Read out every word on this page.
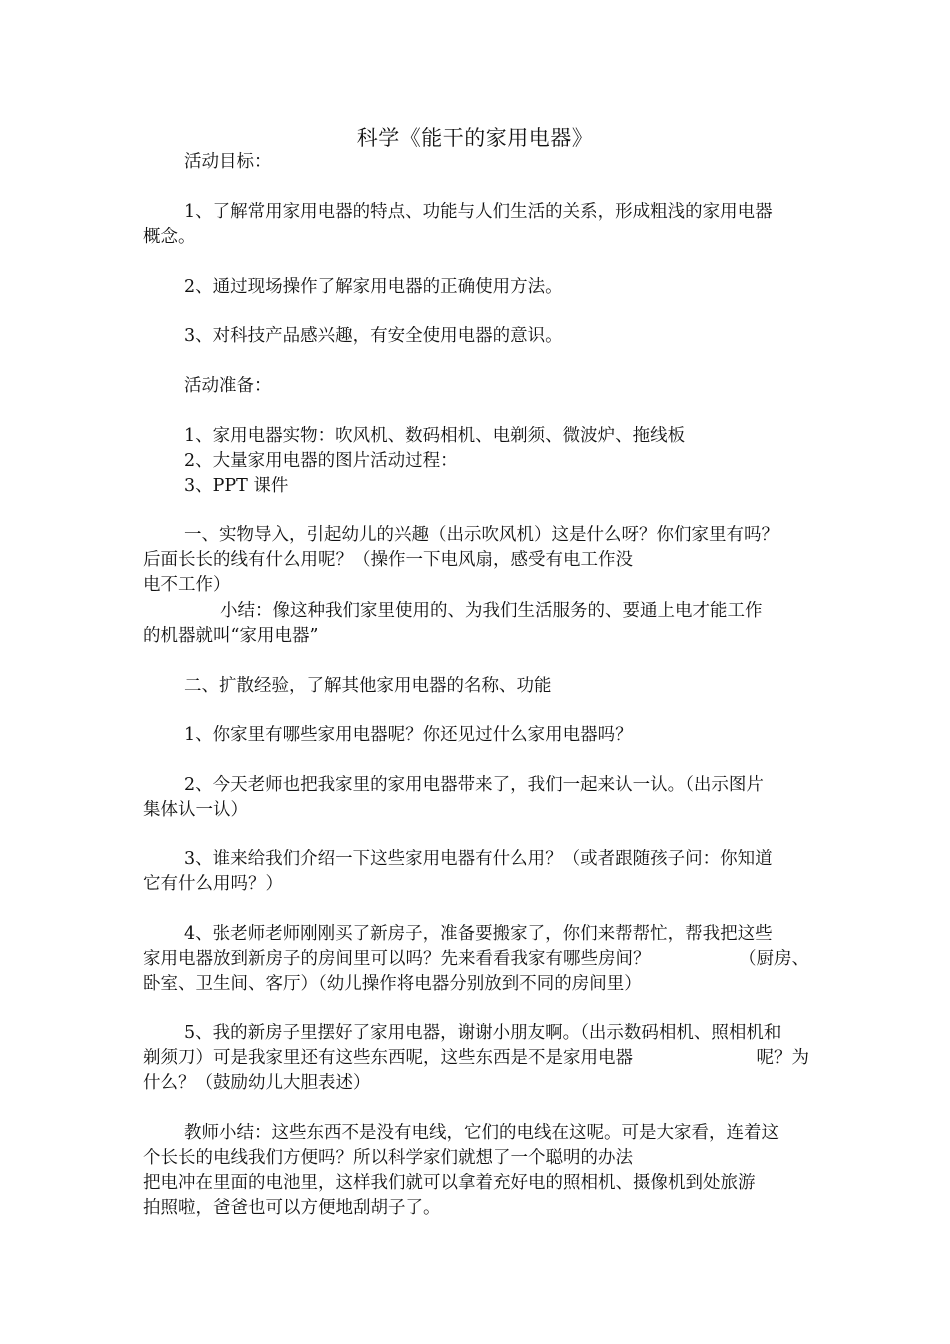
科学《能干的家用电器》
活动目标：
1、了解常用家用电器的特点、功能与人们生活的关系，形成粗浅的家用电器
概念。
2、通过现场操作了解家用电器的正确使用方法。
3、对科技产品感兴趣，有安全使用电器的意识。
活动准备：
1、家用电器实物：吹风机、数码相机、电剃须、微波炉、拖线板
2、大量家用电器的图片活动过程：
3、PPT 课件
一、实物导入，引起幼儿的兴趣（出示吹风机）这是什么呀？你们家里有吗？
后面长长的线有什么用呢？（操作一下电风扇，感受有电工作没
电不工作）
小结：像这种我们家里使用的、为我们生活服务的、要通上电才能工作
的机器就叫“家用电器”
二、扩散经验，了解其他家用电器的名称、功能
1、你家里有哪些家用电器呢？你还见过什么家用电器吗？
2、今天老师也把我家里的家用电器带来了，我们一起来认一认。（出示图片
集体认一认）
3、谁来给我们介绍一下这些家用电器有什么用？（或者跟随孩子问：你知道
它有什么用吗？）
4、张老师老师刚刚买了新房子，准备要搬家了，你们来帮帮忙，帮我把这些
家用电器放到新房子的房间里可以吗？先来看看我家有哪些房间？	（厨房、
卧室、卫生间、客厅）（幼儿操作将电器分别放到不同的房间里）
5、我的新房子里摆好了家用电器，谢谢小朋友啊。（出示数码相机、照相机和
剃须刀）可是我家里还有这些东西呢，这些东西是不是家用电器	呢？为
什么？（鼓励幼儿大胆表述）
教师小结：这些东西不是没有电线，它们的电线在这呢。可是大家看，连着这
个长长的电线我们方便吗？所以科学家们就想了一个聪明的办法
把电冲在里面的电池里，这样我们就可以拿着充好电的照相机、摄像机到处旅游
拍照啦，爸爸也可以方便地刮胡子了。
